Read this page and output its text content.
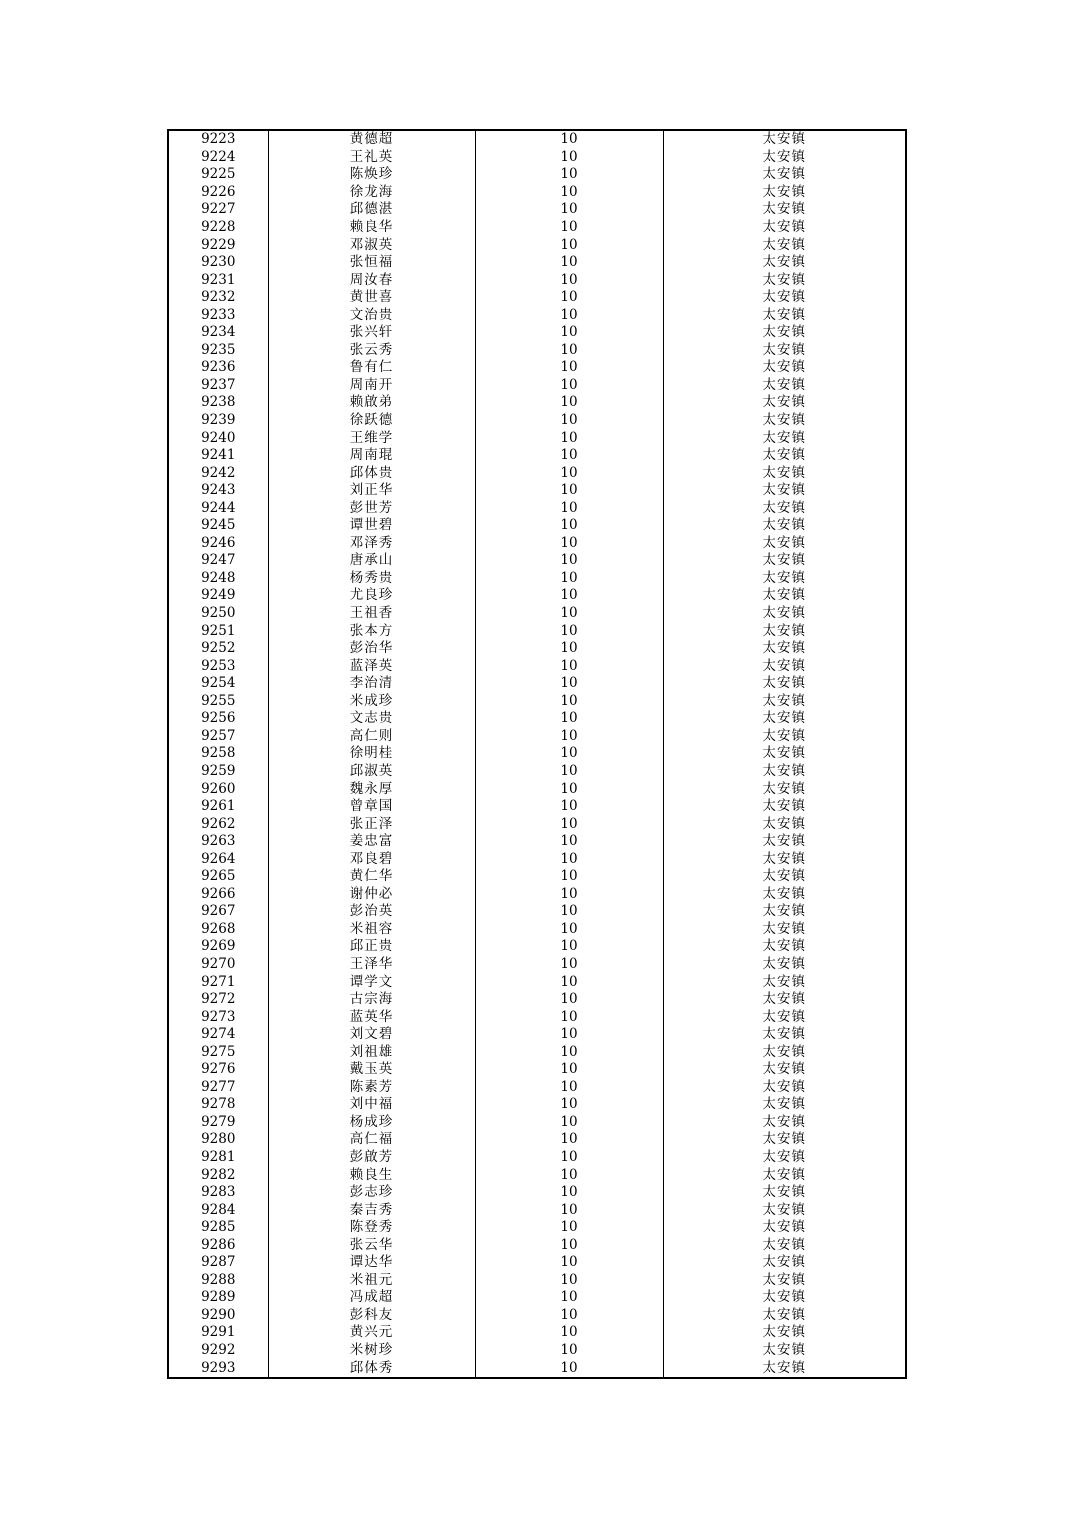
9223	黄德超	10	太安镇
9224	王礼英	10	太安镇
9225	陈焕珍	10	太安镇
9226	徐龙海	10	太安镇
9227	邱德湛	10	太安镇
9228	赖良华	10	太安镇
9229	邓淑英	10	太安镇
9230	张恒福	10	太安镇
9231	周汝春	10	太安镇
9232	黄世喜	10	太安镇
9233	文治贵	10	太安镇
9234	张兴轩	10	太安镇
9235	张云秀	10	太安镇
9236	鲁有仁	10	太安镇
9237	周南开	10	太安镇
9238	赖啟弟	10	太安镇
9239	徐跃德	10	太安镇
9240	王维学	10	太安镇
9241	周南琨	10	太安镇
9242	邱体贵	10	太安镇
9243	刘正华	10	太安镇
9244	彭世芳	10	太安镇
9245	谭世碧	10	太安镇
9246	邓泽秀	10	太安镇
9247	唐承山	10	太安镇
9248	杨秀贵	10	太安镇
9249	尤良珍	10	太安镇
9250	王祖香	10	太安镇
9251	张本方	10	太安镇
9252	彭治华	10	太安镇
9253	蓝泽英	10	太安镇
9254	李治清	10	太安镇
9255	米成珍	10	太安镇
9256	文志贵	10	太安镇
9257	高仁则	10	太安镇
9258	徐明桂	10	太安镇
9259	邱淑英	10	太安镇
9260	魏永厚	10	太安镇
9261	曾章国	10	太安镇
9262	张正泽	10	太安镇
9263	姜忠富	10	太安镇
9264	邓良碧	10	太安镇
9265	黄仁华	10	太安镇
9266	谢仲必	10	太安镇
9267	彭治英	10	太安镇
9268	米祖容	10	太安镇
9269	邱正贵	10	太安镇
9270	王泽华	10	太安镇
9271	谭学文	10	太安镇
9272	古宗海	10	太安镇
9273	蓝英华	10	太安镇
9274	刘文碧	10	太安镇
9275	刘祖雄	10	太安镇
9276	戴玉英	10	太安镇
9277	陈素芳	10	太安镇
9278	刘中福	10	太安镇
9279	杨成珍	10	太安镇
9280	高仁福	10	太安镇
9281	彭啟芳	10	太安镇
9282	赖良生	10	太安镇
9283	彭志珍	10	太安镇
9284	秦吉秀	10	太安镇
9285	陈登秀	10	太安镇
9286	张云华	10	太安镇
9287	谭达华	10	太安镇
9288	米祖元	10	太安镇
9289	冯成超	10	太安镇
9290	彭科友	10	太安镇
9291	黄兴元	10	太安镇
9292	米树珍	10	太安镇
9293	邱体秀	10	太安镇
